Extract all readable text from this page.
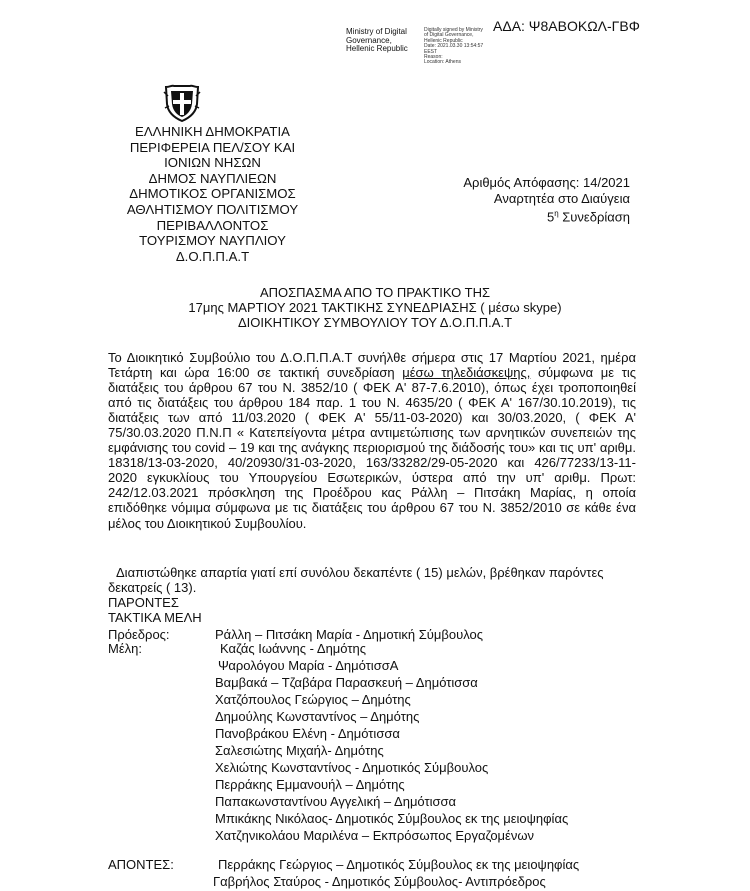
ΑΔΑ: Ψ8ΑΒΟΚΩΛ-ΓΒΦ
Ministry of Digital
Governance,
Hellenic Republic
Digitally signed by Ministry
of Digital Governance,
Hellenic Republic
Date: 2021.03.30 13:54:57
EEST
Reason:
Location: Athens
ΕΛΛΗΝΙΚΗ ΔΗΜΟΚΡΑΤΙΑ
ΠΕΡΙΦΕΡΕΙΑ ΠΕΛ/ΣΟΥ ΚΑΙ
ΙΟΝΙΩΝ ΝΗΣΩΝ
ΔΗΜΟΣ ΝΑΥΠΛΙΕΩΝ
ΔΗΜΟΤΙΚΟΣ ΟΡΓΑΝΙΣΜΟΣ
ΑΘΛΗΤΙΣΜΟΥ ΠΟΛΙΤΙΣΜΟΥ
ΠΕΡΙΒΑΛΛΟΝΤΟΣ
ΤΟΥΡΙΣΜΟΥ ΝΑΥΠΛΙΟΥ
Δ.Ο.Π.Π.Α.Τ
Αριθμός Απόφασης: 14/2021
Αναρτητέα στο Διαύγεια
$5^\eta$ Συνεδρίαση
ΑΠΟΣΠΑΣΜΑ ΑΠΟ ΤΟ ΠΡΑΚΤΙΚΟ ΤΗΣ
17μης ΜΑΡΤΙΟΥ 2021 ΤΑΚΤΙΚΗΣ ΣΥΝΕΔΡΙΑΣΗΣ ( μέσω skype)
ΔΙΟΙΚΗΤΙΚΟΥ ΣΥΜΒΟΥΛΙΟΥ ΤΟΥ Δ.Ο.Π.Π.Α.Τ
Το Διοικητικό Συμβούλιο του Δ.Ο.Π.Π.Α.Τ συνήλθε σήμερα στις 17 Μαρτίου 2021, ημέρα Τετάρτη και ώρα 16:00 σε τακτική συνεδρίαση μέσω τηλεδιάσκεψης, σύμφωνα με τις διατάξεις του άρθρου 67 του Ν. 3852/10 ( ΦΕΚ Α' 87-7.6.2010), όπως έχει τροποποιηθεί από τις διατάξεις του άρθρου 184 παρ. 1 του Ν. 4635/20 ( ΦΕΚ Α' 167/30.10.2019), τις διατάξεις των από 11/03.2020 ( ΦΕΚ Α' 55/11-03-2020) και 30/03.2020, ( ΦΕΚ Α' 75/30.03.2020 Π.Ν.Π « Κατεπείγοντα μέτρα αντιμετώπισης των αρνητικών συνεπειών της εμφάνισης του covid – 19 και της ανάγκης περιορισμού της διάδοσής του» και τις υπ' αριθμ. 18318/13-03-2020, 40/20930/31-03-2020, 163/33282/29-05-2020 και 426/77233/13-11-2020 εγκυκλίους του Υπουργείου Εσωτερικών, ύστερα από την υπ' αριθμ. Πρωτ: 242/12.03.2021 πρόσκληση της Προέδρου κας Ράλλη – Πιτσάκη Μαρίας, η οποία επιδόθηκε νόμιμα σύμφωνα με τις διατάξεις του άρθρου 67 του Ν. 3852/2010 σε κάθε ένα μέλος του Διοικητικού Συμβουλίου.
Διαπιστώθηκε απαρτία γιατί επί συνόλου δεκαπέντε ( 15) μελών, βρέθηκαν παρόντες δεκατρείς ( 13).
ΠΑΡΟΝΤΕΣ
ΤΑΚΤΙΚΑ ΜΕΛΗ
Πρόεδρος:	Ράλλη – Πιτσάκη Μαρία - Δημοτική Σύμβουλος
Μέλη:	Καζάς Ιωάννης - Δημότης
Ψαρολόγου Μαρία - ΔημότισσΑ
Βαμβακά – Τζαβάρα Παρασκευή – Δημότισσα
Χατζόπουλος Γεώργιος – Δημότης
Δημούλης Κωνσταντίνος – Δημότης
Πανοβράκου Ελένη - Δημότισσα
Σαλεσιώτης Μιχαήλ- Δημότης
Χελιώτης Κωνσταντίνος - Δημοτικός Σύμβουλος
Περράκης Εμμανουήλ – Δημότης
Παπακωνσταντίνου Αγγελική – Δημότισσα
Μπικάκης Νικόλαος- Δημοτικός Σύμβουλος εκ της μειοψηφίας
Χατζηνικολάου Μαριλένα – Εκπρόσωπος Εργαζομένων
ΑΠΟΝΤΕΣ:	Περράκης Γεώργιος – Δημοτικός Σύμβουλος εκ της μειοψηφίας
Γαβρήλος Σταύρος - Δημοτικός Σύμβουλος- Αντιπρόεδρος
